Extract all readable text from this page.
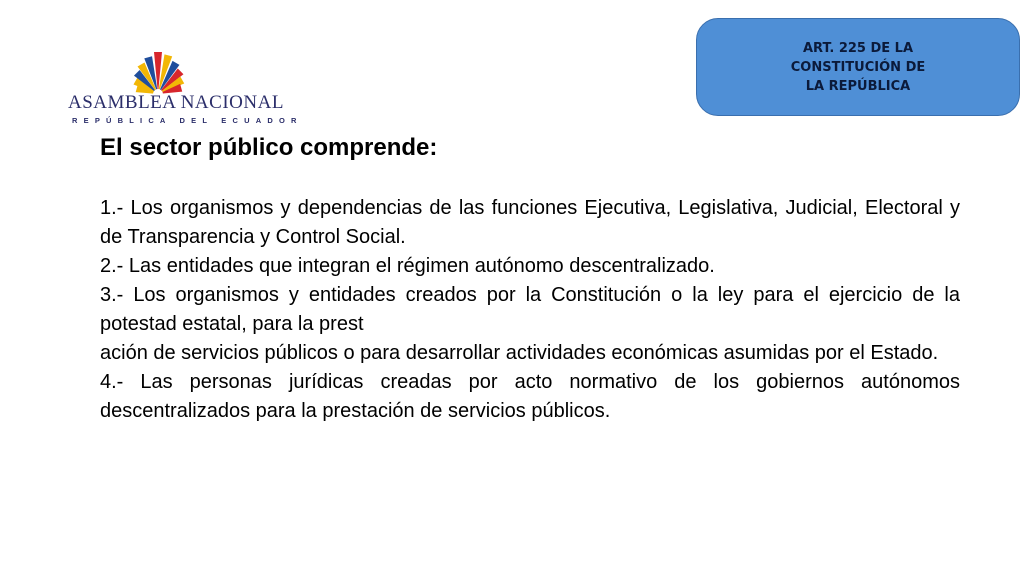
ASAMBLEA NACIONAL
REPÚBLICA DEL ECUADOR
ART. 225 DE LA
CONSTITUCIÓN DE
LA REPÚBLICA
El sector público comprende:

1.- Los organismos y dependencias de las funciones Ejecutiva, Legislativa, Judicial, Electoral y de Transparencia y Control Social.

2.- Las entidades que integran el régimen autónomo descentralizado.

3.- Los organismos y entidades creados por la Constitución o la ley para el ejercicio de la potestad estatal, para la prest

ación de servicios públicos o para desarrollar actividades económicas asumidas por el Estado.

4.- Las personas jurídicas creadas por acto normativo de los gobiernos autónomos descentralizados para la prestación de servicios públicos.
